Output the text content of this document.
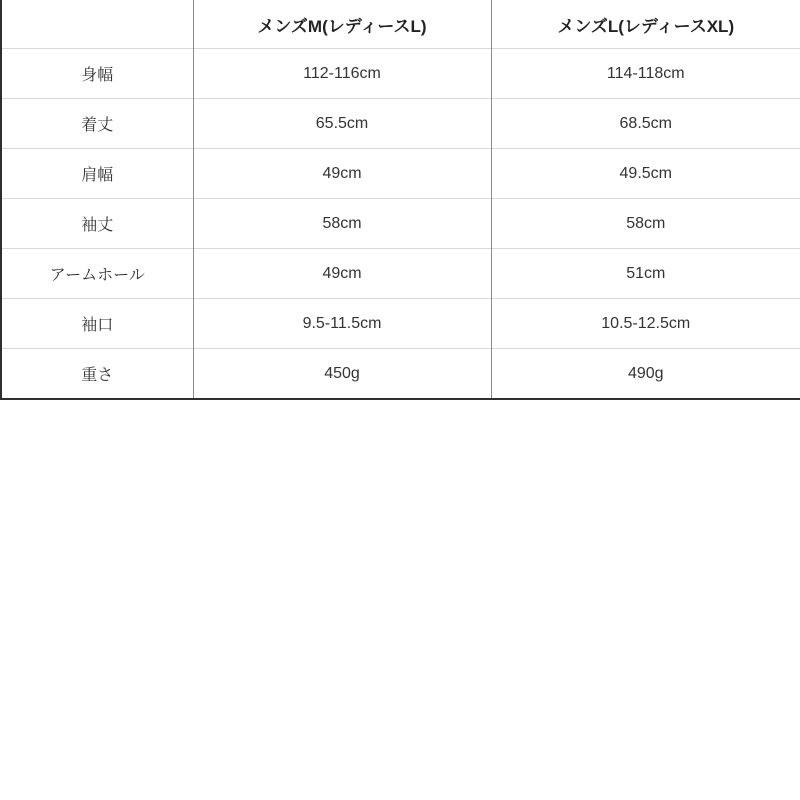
	メンズM(レディースL)	メンズL(レディースXL)
身幅	112-116cm	114-118cm
着丈	65.5cm	68.5cm
肩幅	49cm	49.5cm
袖丈	58cm	58cm
アームホール	49cm	51cm
袖口	9.5-11.5cm	10.5-12.5cm
重さ	450g	490g
